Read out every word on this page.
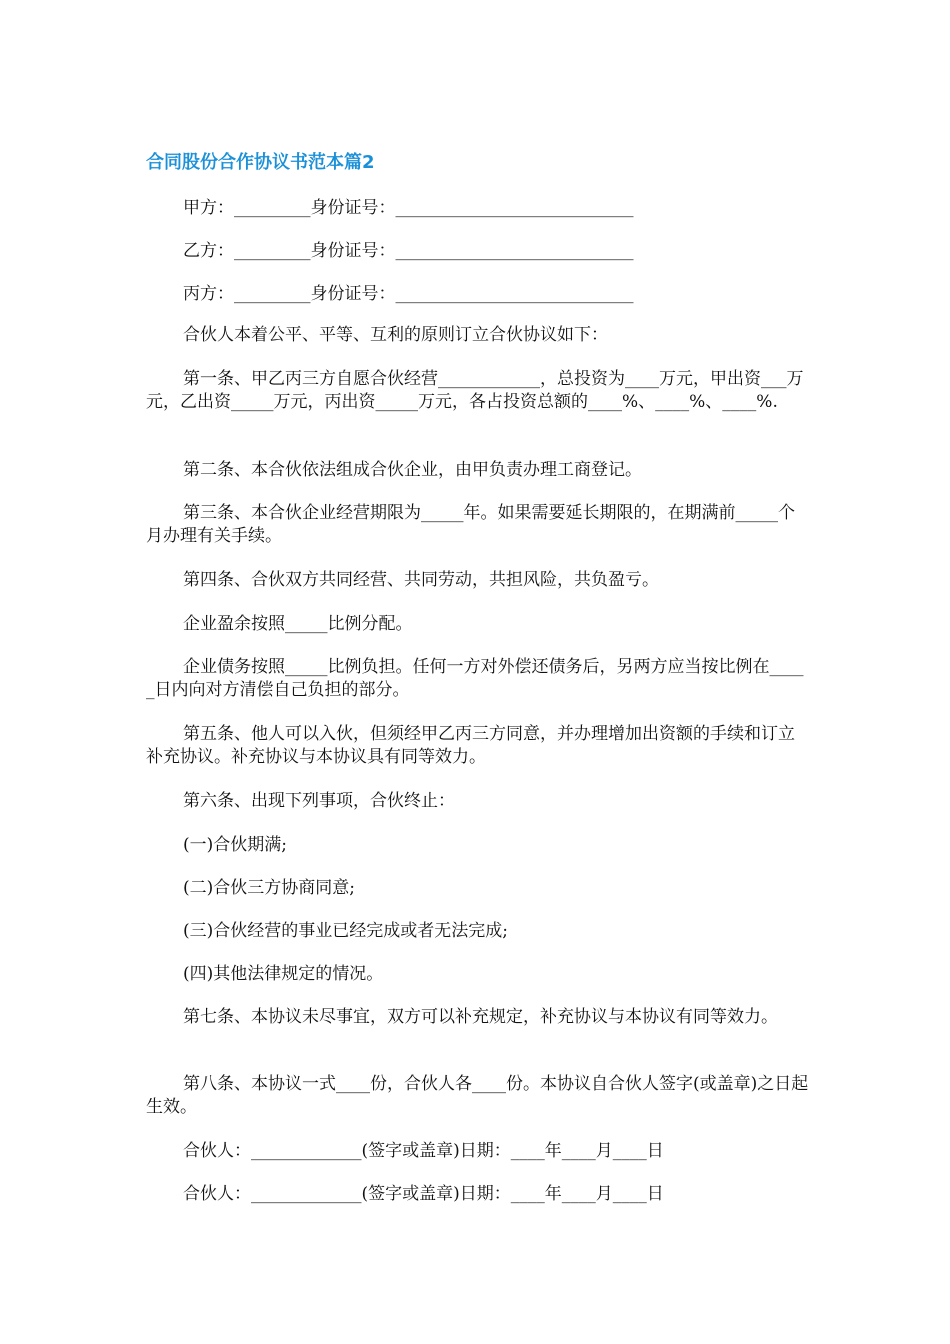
合同股份合作协议书范本篇2
甲方：_________身份证号：____________________________
乙方：_________身份证号：____________________________
丙方：_________身份证号：____________________________
合伙人本着公平、平等、互利的原则订立合伙协议如下：
第一条、甲乙丙三方自愿合伙经营____________，总投资为____万元，甲出资___万元，乙出资_____万元，丙出资_____万元，各占投资总额的____%、____%、____%.
第二条、本合伙依法组成合伙企业，由甲负责办理工商登记。
第三条、本合伙企业经营期限为_____年。如果需要延长期限的，在期满前_____个月办理有关手续。
第四条、合伙双方共同经营、共同劳动，共担风险，共负盈亏。
企业盈余按照_____比例分配。
企业债务按照_____比例负担。任何一方对外偿还债务后，另两方应当按比例在_____日内向对方清偿自己负担的部分。
第五条、他人可以入伙，但须经甲乙丙三方同意，并办理增加出资额的手续和订立补充协议。补充协议与本协议具有同等效力。
第六条、出现下列事项，合伙终止：
(一)合伙期满;
(二)合伙三方协商同意;
(三)合伙经营的事业已经完成或者无法完成;
(四)其他法律规定的情况。
第七条、本协议未尽事宜，双方可以补充规定，补充协议与本协议有同等效力。
第八条、本协议一式____份，合伙人各____份。本协议自合伙人签字(或盖章)之日起生效。
合伙人：_____________(签字或盖章)日期：____年____月____日
合伙人：_____________(签字或盖章)日期：____年____月____日
